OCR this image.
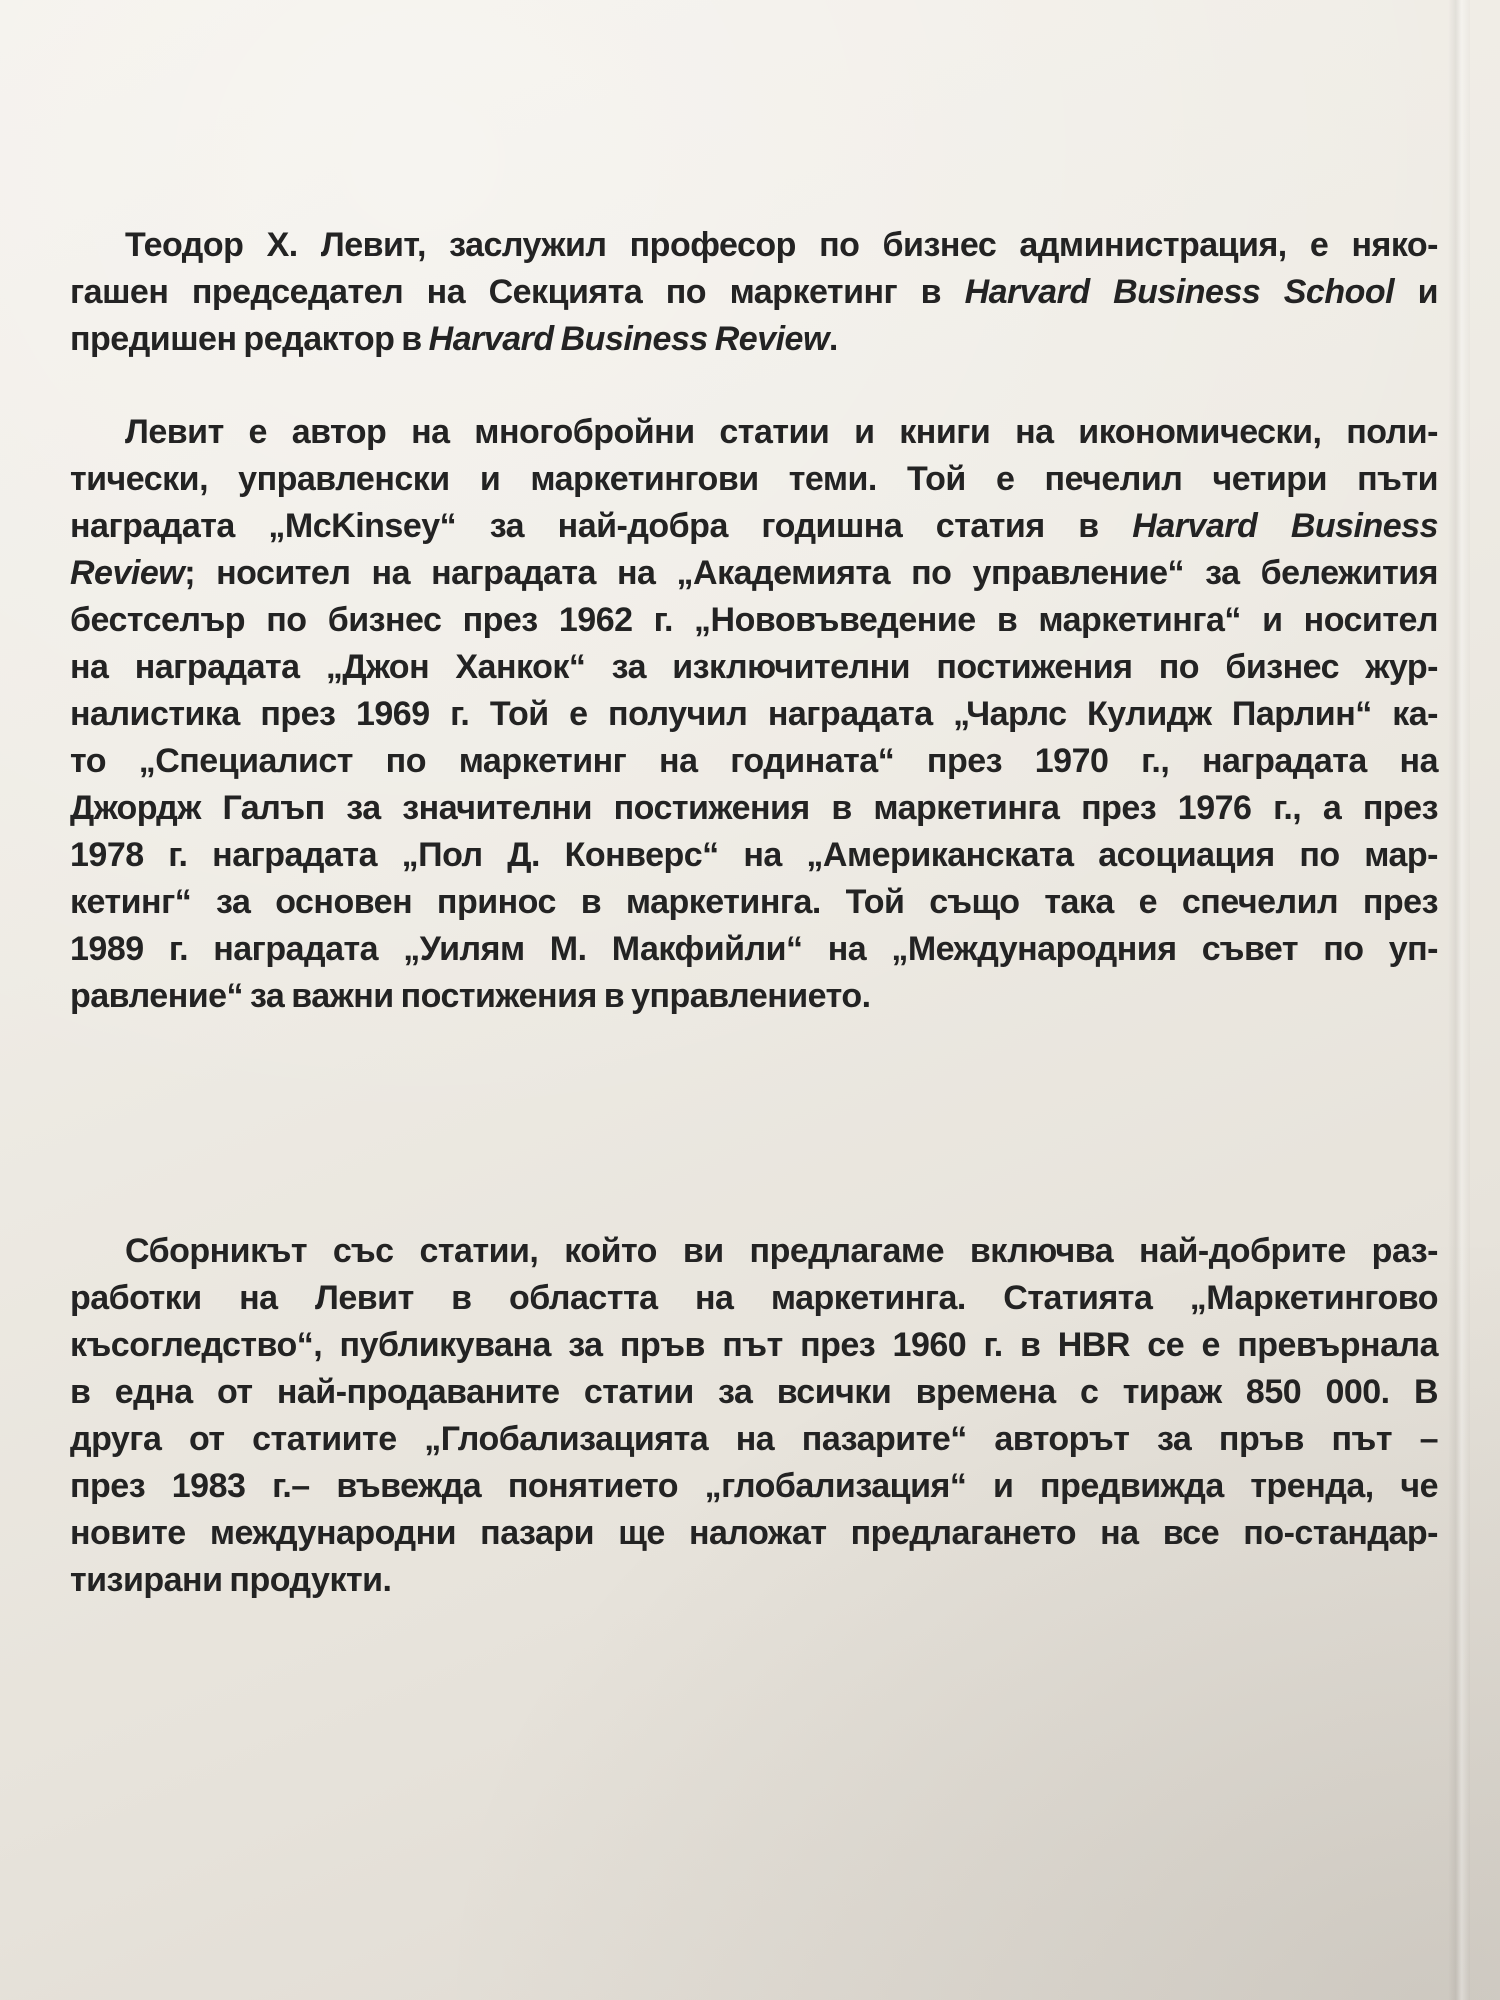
Теодор Х. Левит, заслужил професор по бизнес администрация, е няко-
гашен председател на Секцията по маркетинг в Harvard Business School и
предишен редактор в Harvard Business Review.
Левит е автор на многобройни статии и книги на икономически, поли-
тически, управленски и маркетингови теми. Той е печелил четири пъти
наградата „McKinsey“ за най-добра годишна статия в Harvard Business
Review; носител на наградата на „Академията по управление“ за бележития
бестселър по бизнес през 1962 г. „Нововъведение в маркетинга“ и носител
на наградата „Джон Ханкок“ за изключителни постижения по бизнес жур-
налистика през 1969 г. Той е получил наградата „Чарлс Кулидж Парлин“ ка-
то „Специалист по маркетинг на годината“ през 1970 г., наградата на
Джордж Галъп за значителни постижения в маркетинга през 1976 г., а през
1978 г. наградата „Пол Д. Конверс“ на „Американската асоциация по мар-
кетинг“ за основен принос в маркетинга. Той също така е спечелил през
1989 г. наградата „Уилям М. Макфийли“ на „Международния съвет по уп-
равление“ за важни постижения в управлението.
Сборникът със статии, който ви предлагаме включва най-добрите раз-
работки на Левит в областта на маркетинга. Статията „Маркетингово
късогледство“, публикувана за пръв път през 1960 г. в HBR се е превърнала
в една от най-продаваните статии за всички времена с тираж 850 000. В
друга от статиите „Глобализацията на пазарите“ авторът за пръв път –
през 1983 г.– въвежда понятието „глобализация“ и предвижда тренда, че
новите международни пазари ще наложат предлагането на все по-стандар-
тизирани продукти.
